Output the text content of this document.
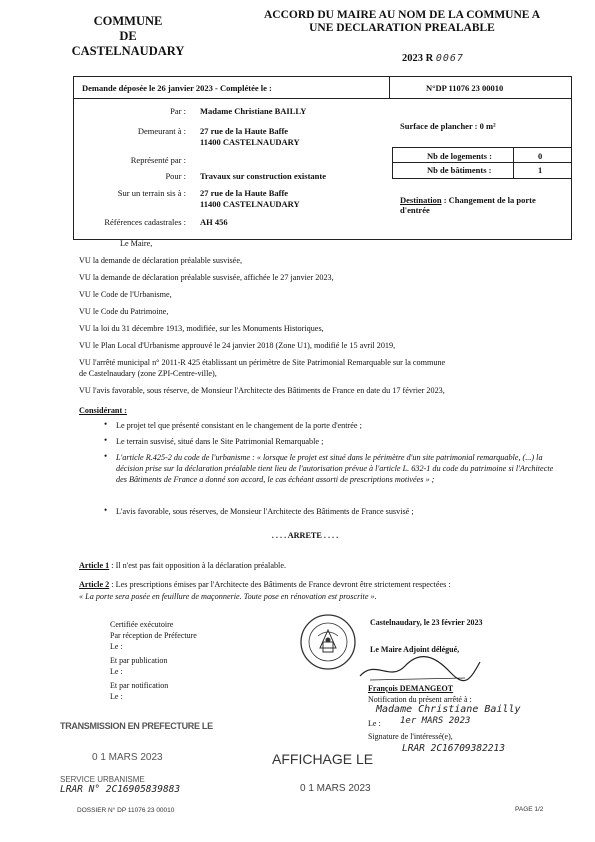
COMMUNE
DE
CASTELNAUDARY
ACCORD DU MAIRE AU NOM DE LA COMMUNE A
UNE DECLARATION PREALABLE
2023 R 0067
Demande déposée le 26 janvier 2023 - Complétée le :	N°DP 11076 23 00010
Par : Madame Christiane BAILLY
Demeurant à : 27 rue de la Haute Baffe
11400 CASTELNAUDARY
Représenté par :
Pour : Travaux sur construction existante
Sur un terrain sis à : 27 rue de la Haute Baffe
11400 CASTELNAUDARY
Références cadastrales : AH 456
Surface de plancher : 0 m²
Nb de logements :	0
Nb de bâtiments :	1
Destination : Changement de la porte d'entrée
Le Maire,
VU la demande de déclaration préalable susvisée,
VU la demande de déclaration préalable susvisée, affichée le 27 janvier 2023,
VU le Code de l'Urbanisme,
VU le Code du Patrimoine,
VU la loi du 31 décembre 1913, modifiée, sur les Monuments Historiques,
VU le Plan Local d'Urbanisme approuvé le 24 janvier 2018 (Zone U1), modifié le 15 avril 2019,
VU l'arrêté municipal n° 2011-R 425 établissant un périmètre de Site Patrimonial Remarquable sur la commune
de Castelnaudary (zone ZPI-Centre-ville),
VU l'avis favorable, sous réserve, de Monsieur l'Architecte des Bâtiments de France en date du 17 février 2023,
Considérant :
• Le projet tel que présenté consistant en le changement de la porte d'entrée ;
• Le terrain susvisé, situé dans le Site Patrimonial Remarquable ;
• L'article R.425-2 du code de l'urbanisme : « lorsque le projet est situé dans le périmètre d'un site patrimonial remarquable, (...) la décision prise sur la déclaration préalable tient lieu de l'autorisation prévue à l'article L. 632-1 du code du patrimoine si l'Architecte des Bâtiments de France a donné son accord, le cas échéant assorti de prescriptions motivées » ;
• L'avis favorable, sous réserves, de Monsieur l'Architecte des Bâtiments de France susvisé ;
. . . . ARRETE . . . .
Article 1 : Il n'est pas fait opposition à la déclaration préalable.
Article 2 : Les prescriptions émises par l'Architecte des Bâtiments de France devront être strictement respectées :
« La porte sera posée en feuillure de maçonnerie. Toute pose en rénovation est proscrite ».
Certifiée exécutoire
Par réception de Préfecture
Le :
Et par publication
Le :
Et par notification
Le :
Castelnaudary, le 23 février 2023
Le Maire Adjoint délégué,
François DEMANGEOT
Notification du présent arrêté à :
Madame Christiane Bailly
Le : 1er MARS 2023
Signature de l'intéressé(e),
LRAR 2C16709382213
TRANSMISSION EN PREFECTURE LE
0 1 MARS 2023	AFFICHAGE LE
0 1 MARS 2023
SERVICE URBANISME
LRAR N° 2C16905839883
DOSSIER N° DP 11076 23 00010	PAGE 1/2
